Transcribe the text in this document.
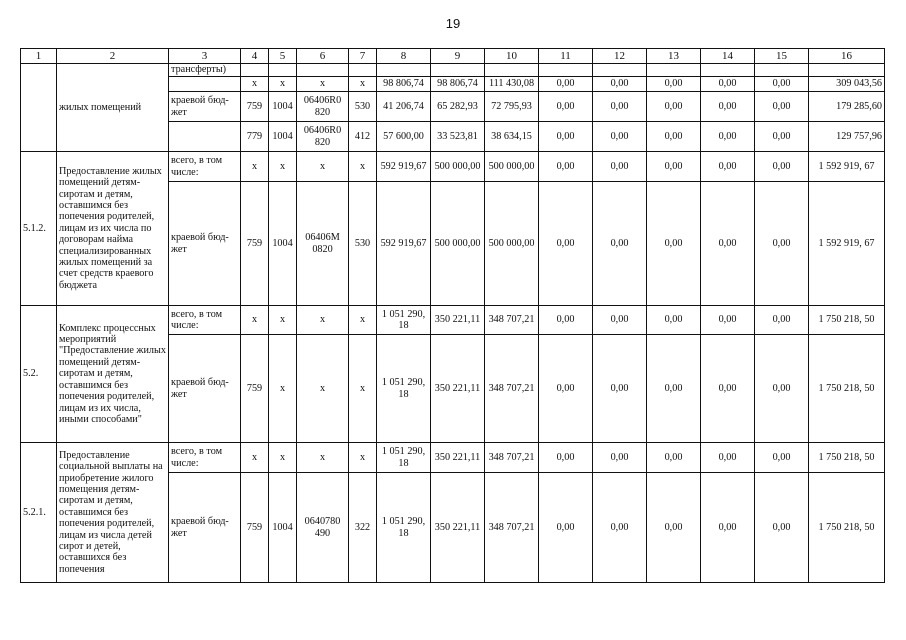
19
1	2	3	4	5	6	7	8	9	10	11	12	13	14	15	16
	жилых помещений	трансферты)													
			х	х	х	х	98 806,74	98 806,74	111 430,08	0,00	0,00	0,00	0,00	0,00	309 043,56
		краевой бюд-жет	759	1004	06406R0 820	530	41 206,74	65 282,93	72 795,93	0,00	0,00	0,00	0,00	0,00	179 285,60
			779	1004	06406R0 820	412	57 600,00	33 523,81	38 634,15	0,00	0,00	0,00	0,00	0,00	129 757,96
5.1.2.	Предоставление жилых помещений детям-сиротам и детям, оставшимся без попечения родителей, лицам из их числа по договорам найма специализированных жилых помещений за счет средств краевого бюджета	всего, в том числе:	х	х	х	х	592 919,67	500 000,00	500 000,00	0,00	0,00	0,00	0,00	0,00	1 592 919, 67
		краевой бюд-жет	759	1004	06406М 0820	530	592 919,67	500 000,00	500 000,00	0,00	0,00	0,00	0,00	0,00	1 592 919, 67
5.2.	Комплекс процессных мероприятий "Предоставление жилых помещений детям-сиротам и детям, оставшимся без попечения родителей, лицам из их числа, иными способами"	всего, в том числе:	х	х	х	х	1 051 290, 18	350 221,11	348 707,21	0,00	0,00	0,00	0,00	0,00	1 750 218, 50
		краевой бюд-жет	759	х	х	х	1 051 290, 18	350 221,11	348 707,21	0,00	0,00	0,00	0,00	0,00	1 750 218, 50
5.2.1.	Предоставление социальной выплаты на приобретение жилого помещения детям-сиротам и детям, оставшимся без попечения родителей, лицам из числа детей сирот и детей, оставшихся без попечения	всего, в том числе:	х	х	х	х	1 051 290, 18	350 221,11	348 707,21	0,00	0,00	0,00	0,00	0,00	1 750 218, 50
		краевой бюд-жет	759	1004	0640780 490	322	1 051 290, 18	350 221,11	348 707,21	0,00	0,00	0,00	0,00	0,00	1 750 218, 50
